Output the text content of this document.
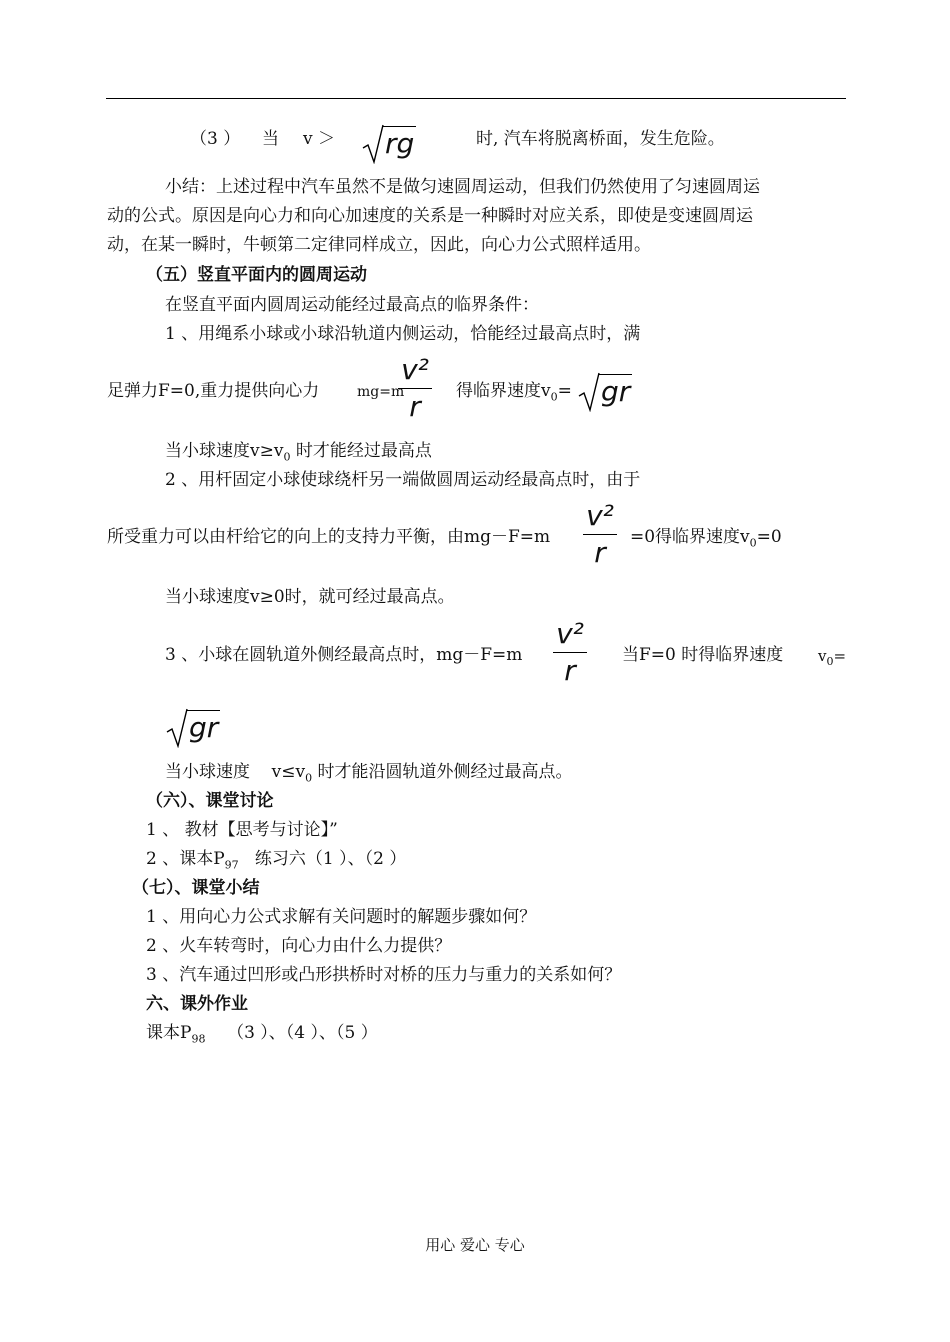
（3 ） 当 v ＞ rg	时, 汽车将脱离桥面，发生危险。
小结：上述过程中汽车虽然不是做匀速圆周运动，但我们仍然使用了匀速圆周运
动的公式。原因是向心力和向心加速度的关系是一种瞬时对应关系，即使是变速圆周运
动，在某一瞬时，牛顿第二定律同样成立，因此，向心力公式照样适用。
（五）竖直平面内的圆周运动
在竖直平面内圆周运动能经过最高点的临界条件：
1 、用绳系小球或小球沿轨道内侧运动，恰能经过最高点时，满
足弹力F=0,重力提供向心力	mg=m
v²
r	得临界速度$v_0=$ gr
当小球速度$v\ge v_0$ 时才能经过最高点
2 、用杆固定小球使球绕杆另一端做圆周运动经最高点时，由于
所受重力可以由杆给它的向上的支持力平衡，由mg－F=m
v²
r	=0得临界速度$v_0=0$
当小球速度v≥0时，就可经过最高点。
3 、小球在圆轨道外侧经最高点时，mg－F=m
v²
r	当F=0 时得临界速度 $v_0=$
gr
当小球速度 $v\le v_0$ 时才能沿圆轨道外侧经过最高点。
（六）、课堂讨论
1 、 教材【思考与讨论】”
2 、课本$P_{97}$ 练习六（1 ）、（2 ）
（七）、课堂小结
1 、用向心力公式求解有关问题时的解题步骤如何？
2 、火车转弯时，向心力由什么力提供？
3 、汽车通过凹形或凸形拱桥时对桥的压力与重力的关系如何？
六、课外作业
课本$P_{98}$ （3 ）、（4 ）、（5 ）
用心 爱心 专心
